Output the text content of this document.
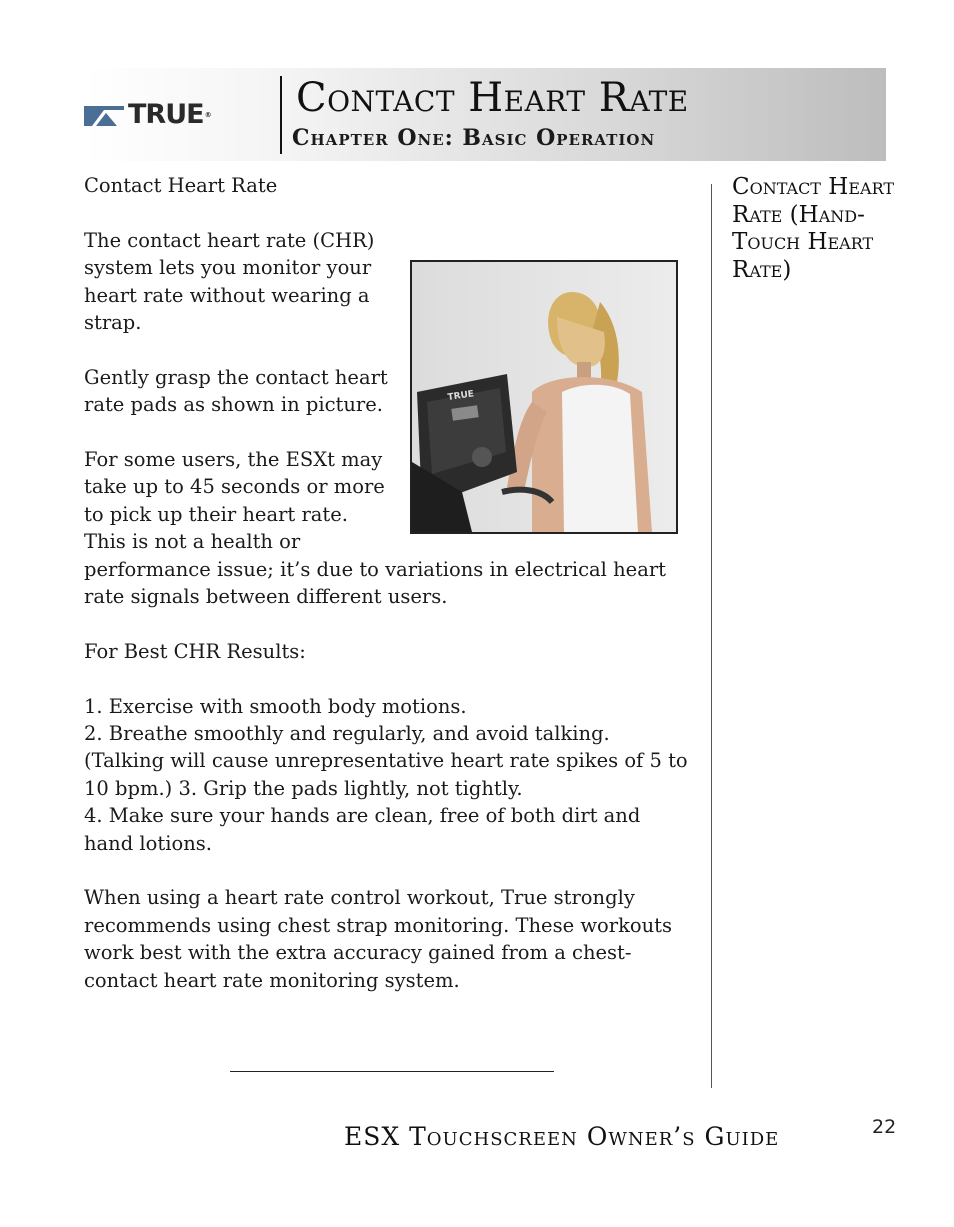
TRUE® Contact Heart Rate
Chapter One: Basic Operation

Contact Heart Rate

TRUE

The contact heart rate (CHR) system lets you monitor your heart rate without wearing a strap.

Gently grasp the contact heart rate pads as shown in picture.

For some users, the ESXt may take up to 45 seconds or more to pick up their heart rate. This is not a health or performance issue; it’s due to variations in electrical heart rate signals between different users.

For Best CHR Results:

1. Exercise with smooth body motions.

2. Breathe smoothly and regularly, and avoid talking. (Talking will cause unrepresentative heart rate spikes of 5 to 10 bpm.) 3. Grip the pads lightly, not tightly.

4. Make sure your hands are clean, free of both dirt and hand lotions.

When using a heart rate control workout, True strongly recommends using chest strap monitoring. These workouts work best with the extra accuracy gained from a chest-contact heart rate monitoring system.

Contact Heart Rate (Hand-Touch Heart Rate)
ESX Touchscreen Owner’s Guide	22
